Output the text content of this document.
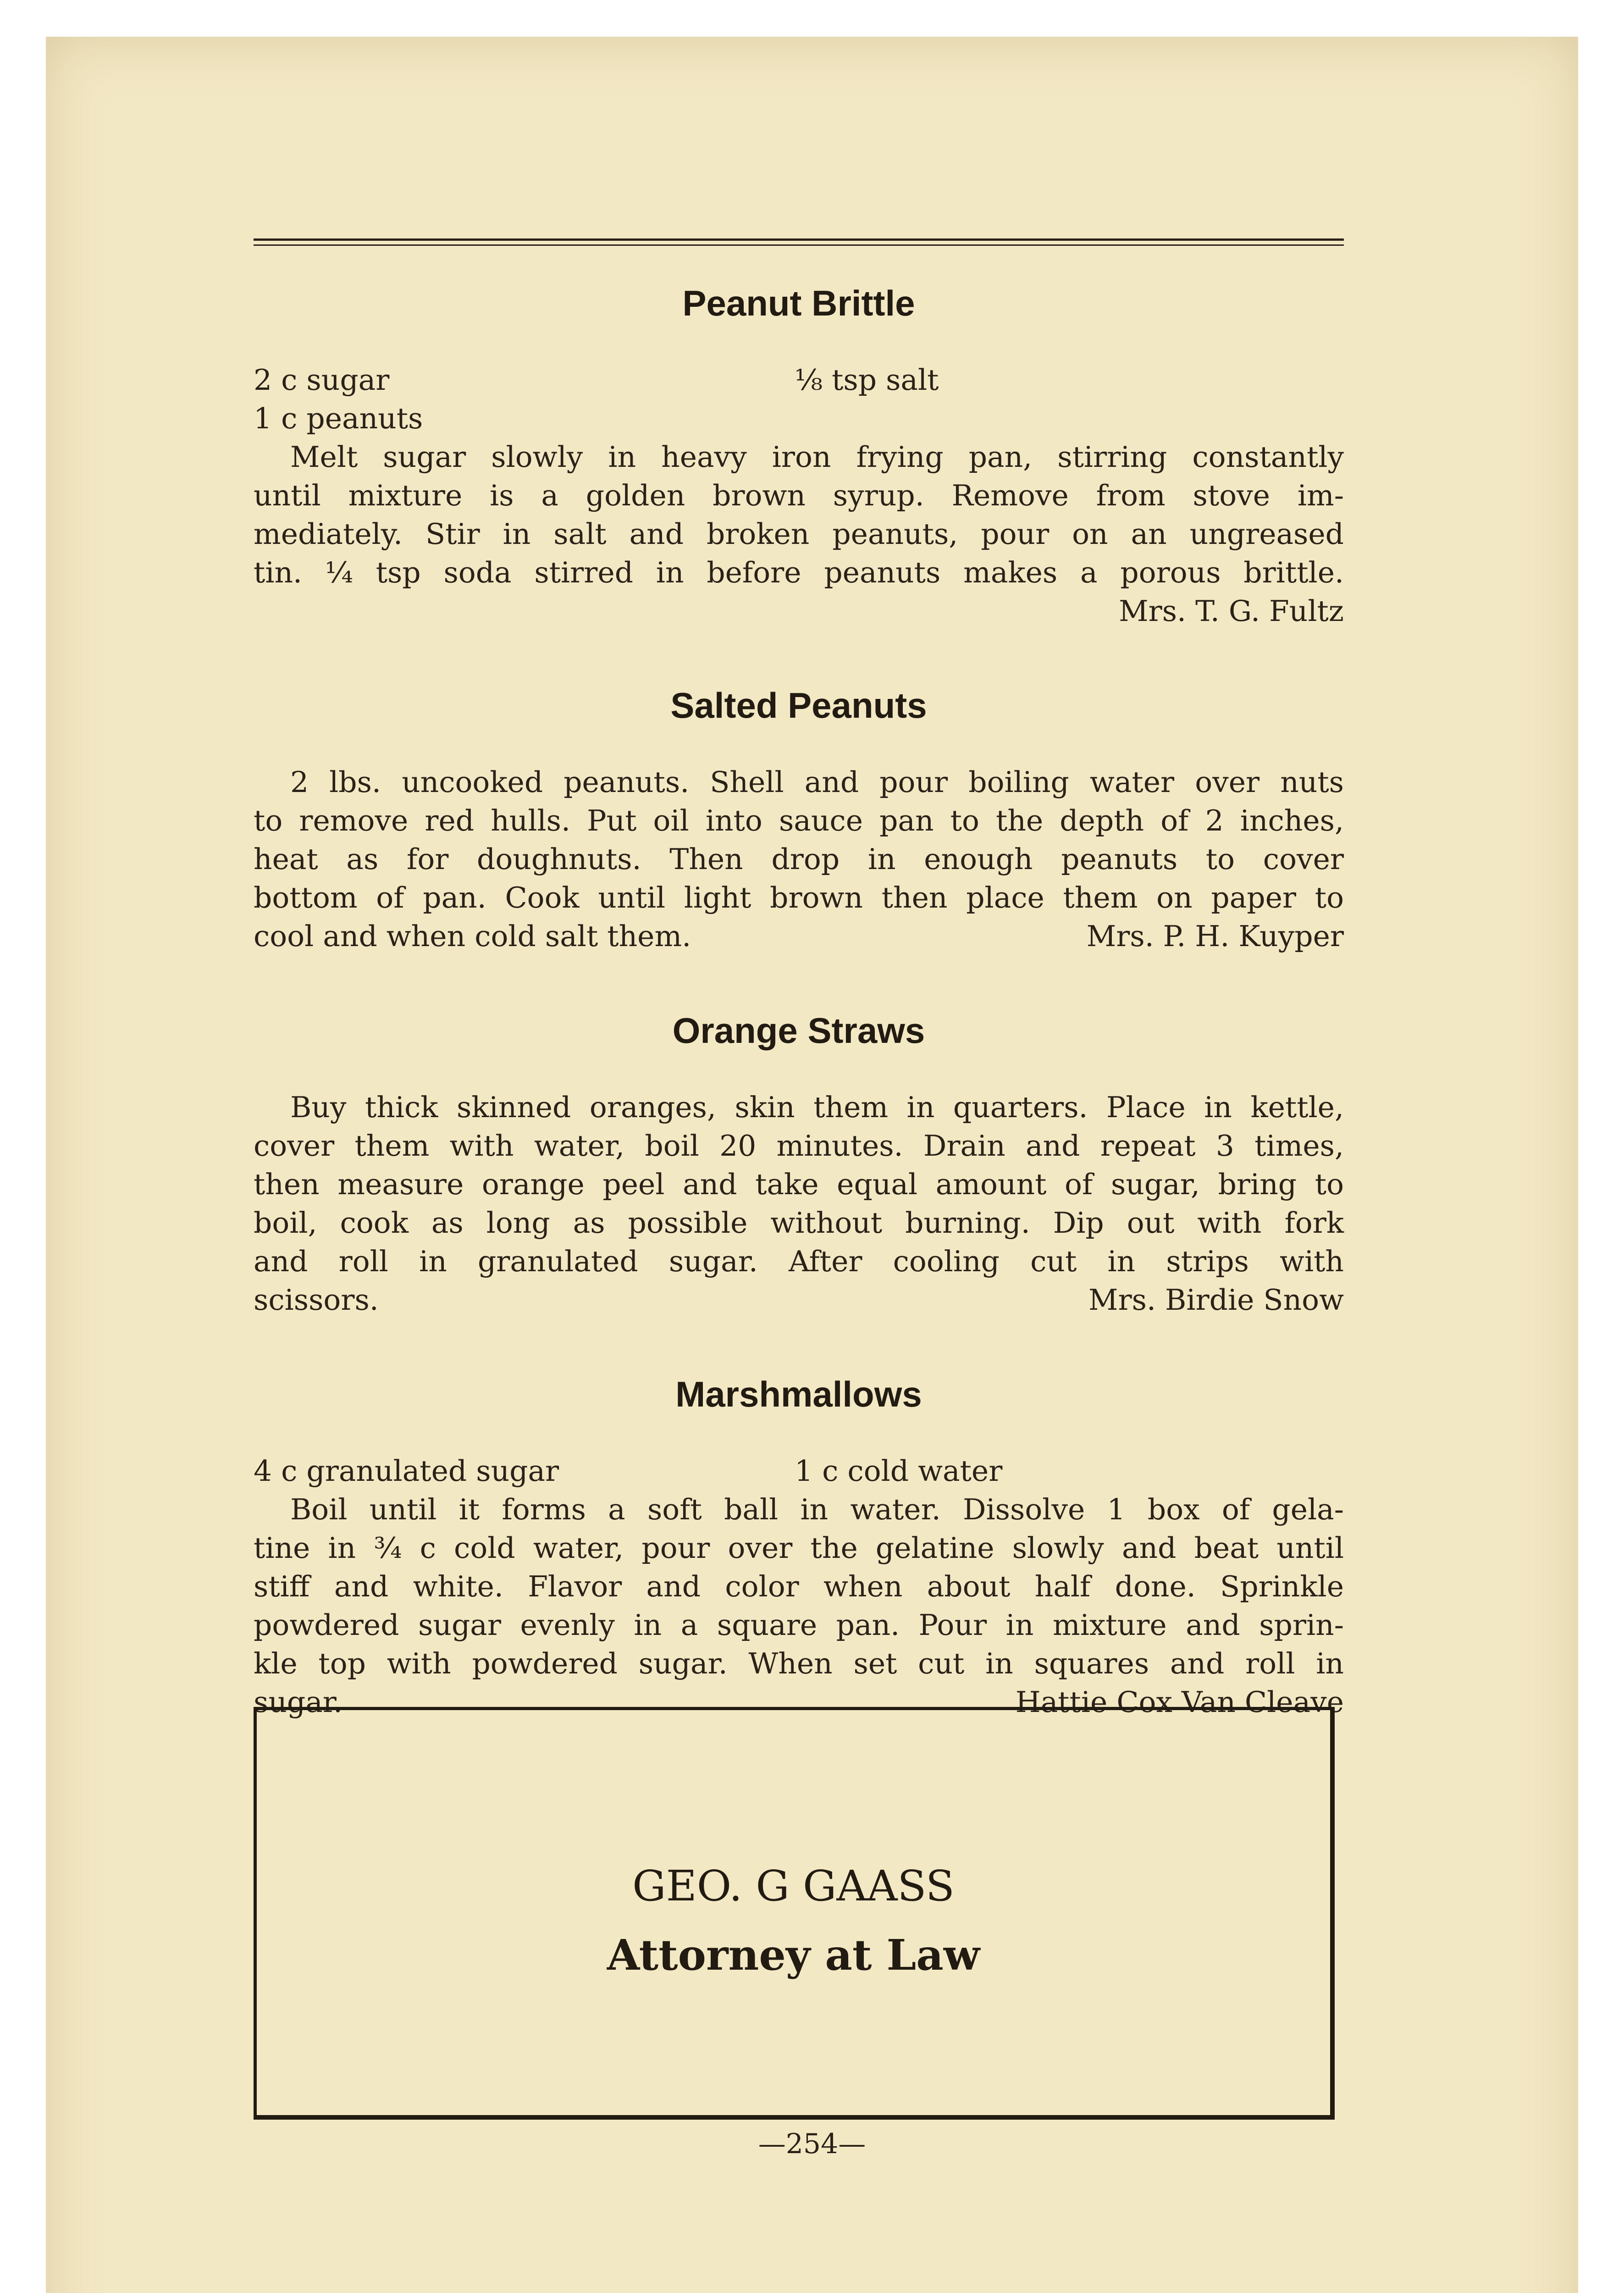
Peanut Brittle
2 c sugar	⅛ tsp salt
1 c peanuts
Melt sugar slowly in heavy iron frying pan, stirring constantly
until mixture is a golden brown syrup. Remove from stove im-
mediately. Stir in salt and broken peanuts, pour on an ungreased
tin. ¼ tsp soda stirred in before peanuts makes a porous brittle.
Mrs. T. G. Fultz
Salted Peanuts
2 lbs. uncooked peanuts. Shell and pour boiling water over nuts
to remove red hulls. Put oil into sauce pan to the depth of 2 inches,
heat as for doughnuts. Then drop in enough peanuts to cover
bottom of pan. Cook until light brown then place them on paper to
cool and when cold salt them.	Mrs. P. H. Kuyper
Orange Straws
Buy thick skinned oranges, skin them in quarters. Place in kettle,
cover them with water, boil 20 minutes. Drain and repeat 3 times,
then measure orange peel and take equal amount of sugar, bring to
boil, cook as long as possible without burning. Dip out with fork
and roll in granulated sugar. After cooling cut in strips with
scissors.	Mrs. Birdie Snow
Marshmallows
4 c granulated sugar	1 c cold water
Boil until it forms a soft ball in water. Dissolve 1 box of gela-
tine in ¾ c cold water, pour over the gelatine slowly and beat until
stiff and white. Flavor and color when about half done. Sprinkle
powdered sugar evenly in a square pan. Pour in mixture and sprin-
kle top with powdered sugar. When set cut in squares and roll in
sugar.	Hattie Cox Van Cleave
GEO. G GAASS
Attorney at Law
—254—
